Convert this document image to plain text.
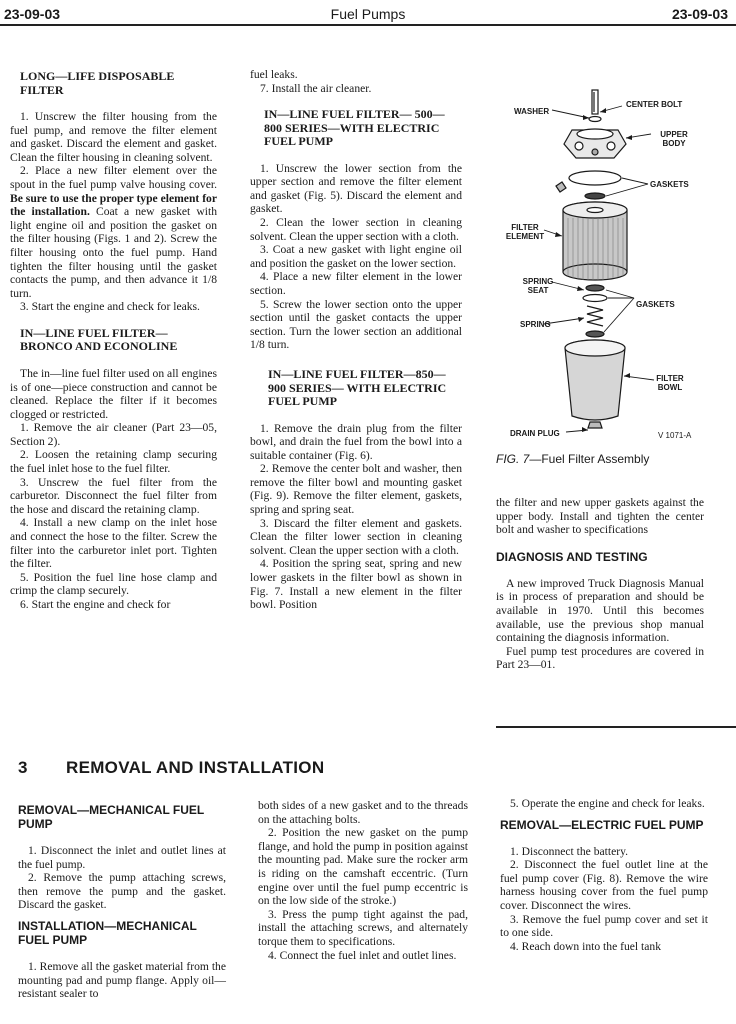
23-09-03	Fuel Pumps	23-09-03
LONG—LIFE DISPOSABLE FILTER

1. Unscrew the filter housing from the fuel pump, and remove the filter element and gasket. Discard the element and gasket. Clean the filter housing in cleaning solvent.

2. Place a new filter element over the spout in the fuel pump valve housing cover. Be sure to use the proper type element for the installation. Coat a new gasket with light engine oil and position the gasket on the filter housing (Figs. 1 and 2). Screw the filter housing onto the fuel pump. Hand tighten the filter housing until the gasket contacts the pump, and then advance it 1/8 turn.

3. Start the engine and check for leaks.

IN—LINE FUEL FILTER— BRONCO AND ECONOLINE

The in—line fuel filter used on all engines is of one—piece construction and cannot be cleaned. Replace the filter if it becomes clogged or restricted.

1. Remove the air cleaner (Part 23—05, Section 2).

2. Loosen the retaining clamp securing the fuel inlet hose to the fuel filter.

3. Unscrew the fuel filter from the carburetor. Disconnect the fuel filter from the hose and discard the retaining clamp.

4. Install a new clamp on the inlet hose and connect the hose to the filter. Screw the filter into the carburetor inlet port. Tighten the filter.

5. Position the fuel line hose clamp and crimp the clamp securely.

6. Start the engine and check for

fuel leaks.

7. Install the air cleaner.

IN—LINE FUEL FILTER— 500—800 SERIES—WITH ELECTRIC FUEL PUMP

1. Unscrew the lower section from the upper section and remove the filter element and gasket (Fig. 5). Discard the element and gasket.

2. Clean the lower section in cleaning solvent. Clean the upper section with a cloth.

3. Coat a new gasket with light engine oil and position the gasket on the lower section.

4. Place a new filter element in the lower section.

5. Screw the lower section onto the upper section until the gasket contacts the upper section. Turn the lower section an additional 1/8 turn.

IN—LINE FUEL FILTER—850—900 SERIES— WITH ELECTRIC FUEL PUMP

1. Remove the drain plug from the filter bowl, and drain the fuel from the bowl into a suitable container (Fig. 6).

2. Remove the center bolt and washer, then remove the filter bowl and mounting gasket (Fig. 9). Remove the filter element, gaskets, spring and spring seat.

3. Discard the filter element and gaskets. Clean the filter lower section in cleaning solvent. Clean the upper section with a cloth.

4. Position the spring seat, spring and new lower gaskets in the filter bowl as shown in Fig. 7. Install a new element in the filter bowl. Position

WASHER
CENTER BOLT
UPPER BODY
GASKETS
FILTER ELEMENT
SPRING SEAT
GASKETS
SPRING
FILTER BOWL
DRAIN PLUG	V 1071-A
FIG. 7—Fuel Filter Assembly

the filter and new upper gaskets against the upper body. Install and tighten the center bolt and washer to specifications

DIAGNOSIS AND TESTING

A new improved Truck Diagnosis Manual is in process of preparation and should be available in 1970. Until this becomes available, use the previous shop manual containing the diagnosis information.

Fuel pump test procedures are covered in Part 23—01.

3 REMOVAL AND INSTALLATION
REMOVAL—MECHANICAL FUEL PUMP

1. Disconnect the inlet and outlet lines at the fuel pump.

2. Remove the pump attaching screws, then remove the pump and the gasket. Discard the gasket.

INSTALLATION—MECHANICAL FUEL PUMP

1. Remove all the gasket material from the mounting pad and pump flange. Apply oil—resistant sealer to

both sides of a new gasket and to the threads on the attaching bolts.

2. Position the new gasket on the pump flange, and hold the pump in position against the mounting pad. Make sure the rocker arm is riding on the camshaft eccentric. (Turn engine over until the fuel pump eccentric is on the low side of the stroke.)

3. Press the pump tight against the pad, install the attaching screws, and alternately torque them to specifications.

4. Connect the fuel inlet and outlet lines.

5. Operate the engine and check for leaks.

REMOVAL—ELECTRIC FUEL PUMP

1. Disconnect the battery.

2. Disconnect the fuel outlet line at the fuel pump cover (Fig. 8). Remove the wire harness housing cover from the fuel pump cover. Disconnect the wires.

3. Remove the fuel pump cover and set it to one side.

4. Reach down into the fuel tank
